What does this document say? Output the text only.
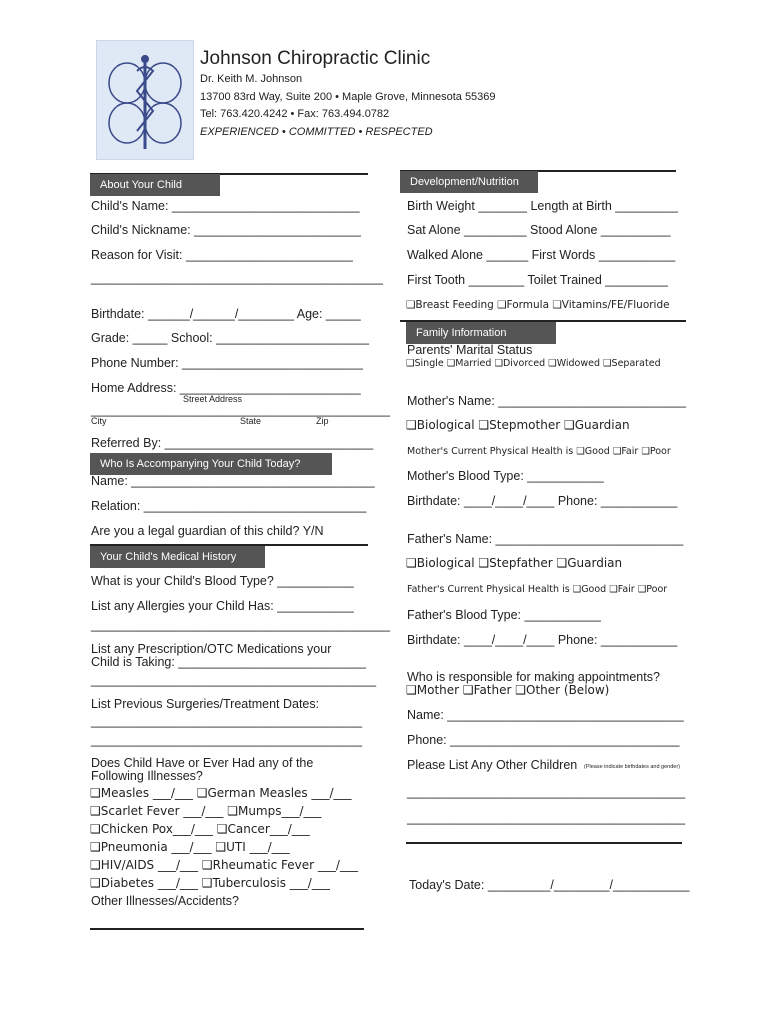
Johnson Chiropractic Clinic
Dr. Keith M. Johnson
13700 83rd Way, Suite 200 • Maple Grove, Minnesota 55369
Tel: 763.420.4242 • Fax: 763.494.0782
EXPERIENCED • COMMITTED • RESPECTED
About Your Child
Child's Name: ___________________________
Child's Nickname: ________________________
Reason for Visit: ________________________
__________________________________________
Birthdate: ______/______/________ Age: _____
Grade: _____ School: ______________________
Phone Number: __________________________
Home Address: __________________________
Street Address
___________________________________________
City	State	Zip
Referred By: ______________________________
Who Is Accompanying Your Child Today?
Name: ___________________________________
Relation: ________________________________
Are you a legal guardian of this child? Y/N
Your Child's Medical History
What is your Child's Blood Type? ___________
List any Allergies your Child Has: ___________
___________________________________________
List any Prescription/OTC Medications your
Child is Taking: ___________________________
_________________________________________
List Previous Surgeries/Treatment Dates:
_______________________________________
_______________________________________
Does Child Have or Ever Had any of the
Following Illnesses?
❑Measles ___/___ ❑German Measles ___/___
❑Scarlet Fever ___/___ ❑Mumps___/___
❑Chicken Pox___/___ ❑Cancer___/___
❑Pneumonia ___/___ ❑UTI ___/___
❑HIV/AIDS ___/___ ❑Rheumatic Fever ___/___
❑Diabetes ___/___ ❑Tuberculosis ___/___
Other Illnesses/Accidents?
Development/Nutrition
Birth Weight _______ Length at Birth _________
Sat Alone _________ Stood Alone __________
Walked Alone ______ First Words ___________
First Tooth ________ Toilet Trained _________
❑Breast Feeding ❑Formula ❑Vitamins/FE/Fluoride
Family Information
Parents' Marital Status
❑Single ❑Married ❑Divorced ❑Widowed ❑Separated
Mother's Name: ___________________________
❑Biological ❑Stepmother ❑Guardian
Mother's Current Physical Health is ❑Good ❑Fair ❑Poor
Mother's Blood Type: ___________
Birthdate: ____/____/____ Phone: ___________
Father's Name: ___________________________
❑Biological ❑Stepfather ❑Guardian
Father's Current Physical Health is ❑Good ❑Fair ❑Poor
Father's Blood Type: ___________
Birthdate: ____/____/____ Phone: ___________
Who is responsible for making appointments?
❑Mother ❑Father ❑Other (Below)
Name: __________________________________
Phone: _________________________________
Please List Any Other Children (Please indicate birthdates and gender)
________________________________________
________________________________________
Today's Date: _________/________/___________
